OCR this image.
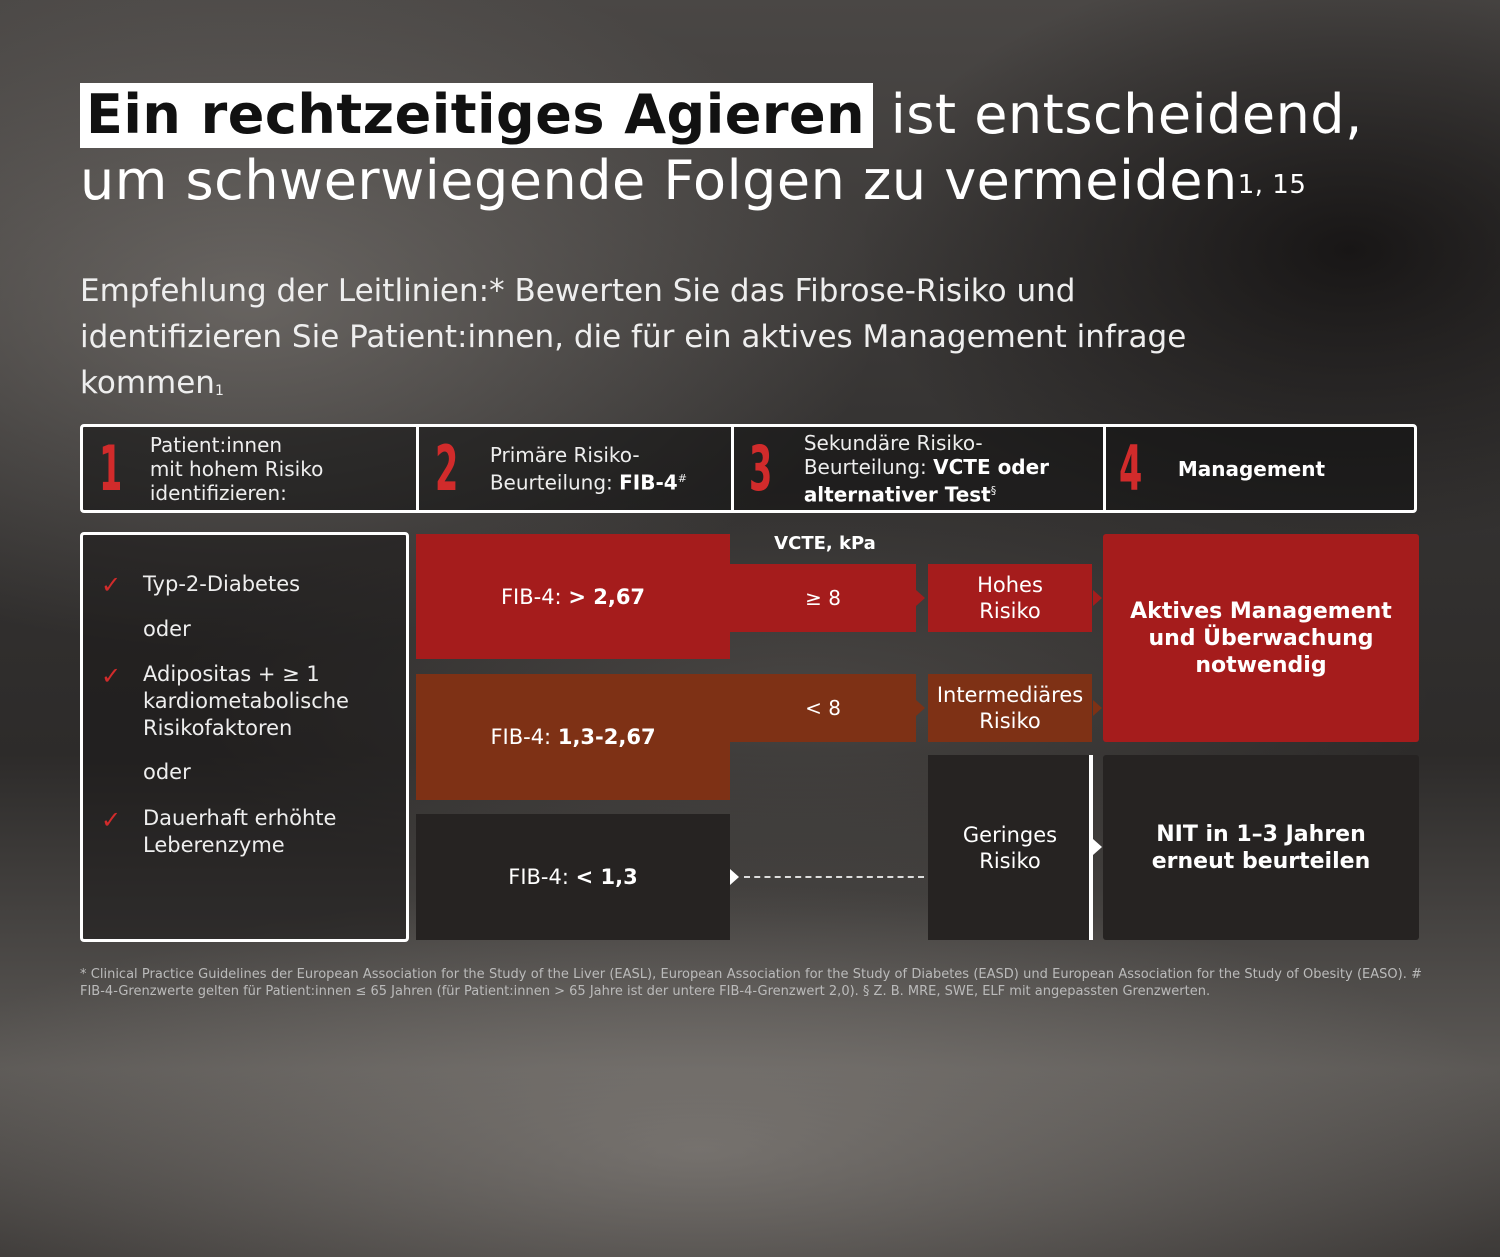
Ein rechtzeitiges Agieren ist entscheidend,
um schwerwiegende Folgen zu vermeiden$^{1, 15}$
Empfehlung der Leitlinien:* Bewerten Sie das Fibrose-Risiko und identifizieren Sie Patient:innen, die für ein aktives Management infrage kommen$^1$
1 Patient:innen
mit hohem Risiko
identifizieren:	2 Primäre Risiko-
Beurteilung: FIB-4# 3 Sekundäre Risiko-
Beurteilung: VCTE oder
alternativer Test§	4 Management
✓ Typ-2-Diabetes
oder
✓ Adipositas + ≥ 1
kardiometabolische
Risikofaktoren
oder
✓ Dauerhaft erhöhte
Leberenzyme
FIB-4:
> 2,67
FIB-4:
1,3-2,67
FIB-4:
< 1,3
VCTE, kPa
≥ 8
< 8
Hohes
Risiko
Intermediäres
Risiko
Geringes
Risiko
Aktives Management
und Überwachung
notwendig
NIT in 1–3 Jahren
erneut beurteilen
* Clinical Practice Guidelines der European Association for the Study of the Liver (EASL), European Association for the Study of Diabetes (EASD) und European Association for the Study of Obesity (EASO). # FIB-4-Grenzwerte gelten für Patient:innen ≤ 65 Jahren (für Patient:innen > 65 Jahre ist der untere FIB-4-Grenzwert 2,0). § Z. B. MRE, SWE, ELF mit angepassten Grenzwerten.
